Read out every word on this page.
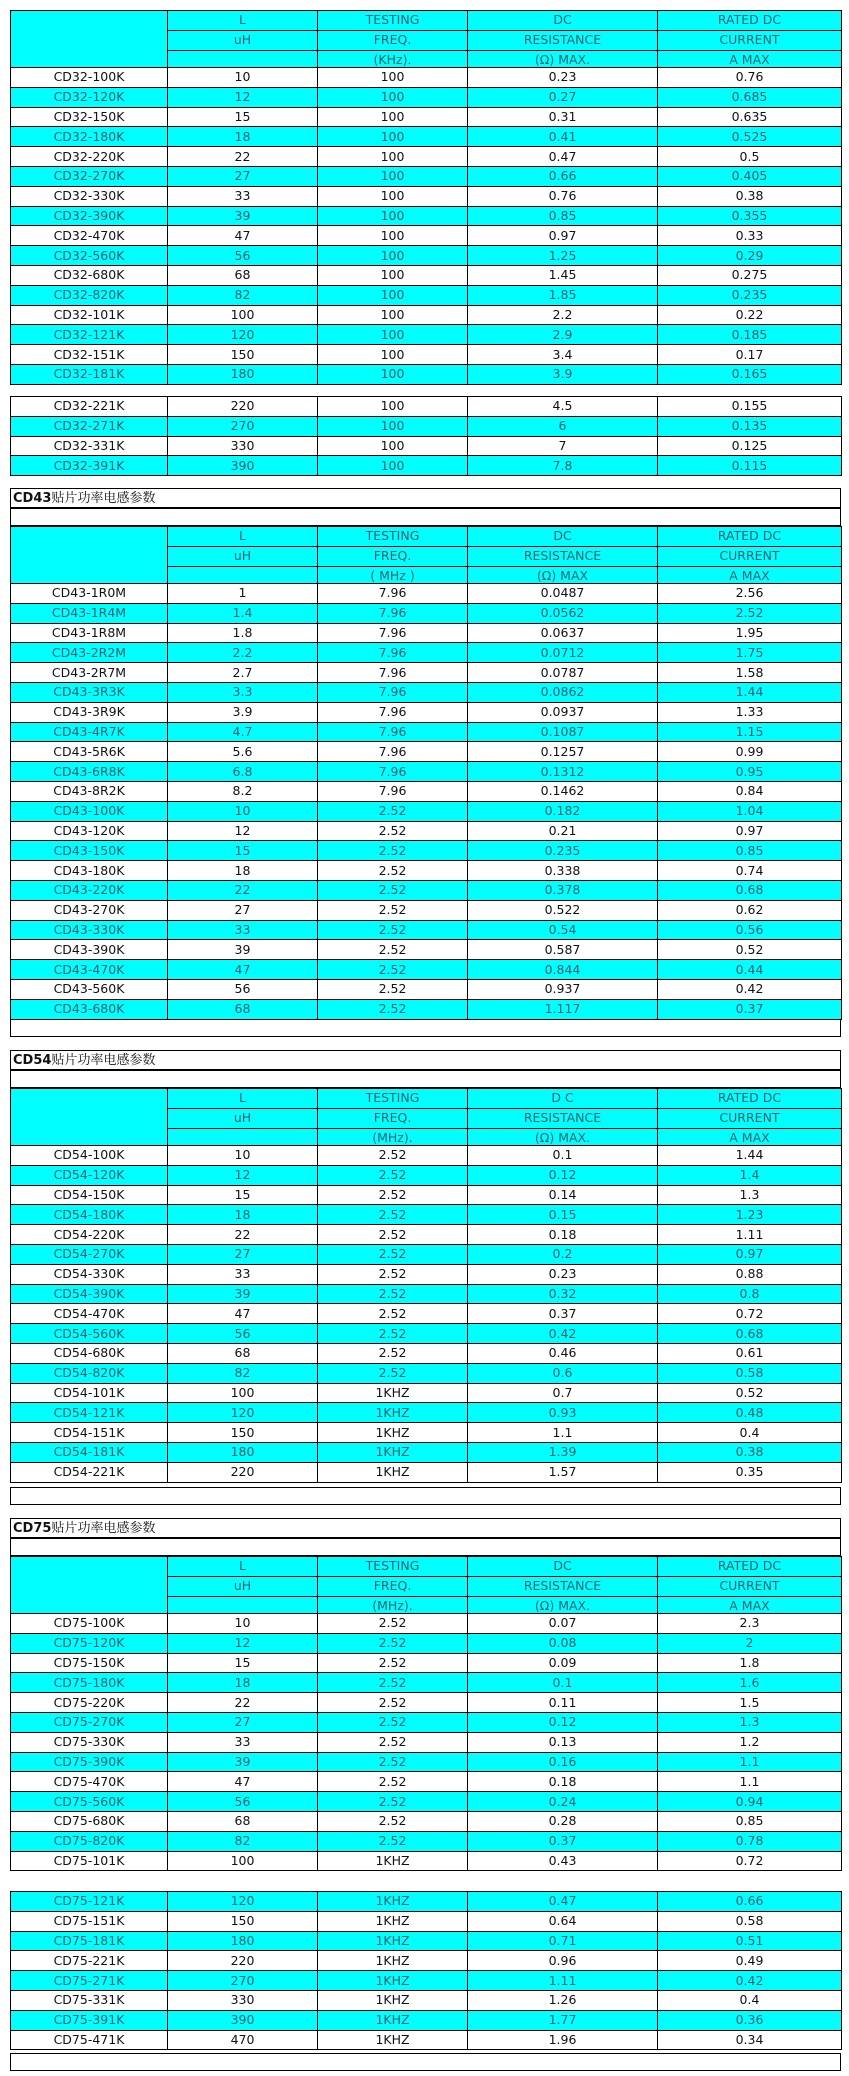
	L	TESTING	DC	RATED DC
	uH	FREQ.	RESISTANCE	CURRENT
		(KHz).	(Ω) MAX.	A MAX
CD32-100K	10	100	0.23	0.76
CD32-120K	12	100	0.27	0.685
CD32-150K	15	100	0.31	0.635
CD32-180K	18	100	0.41	0.525
CD32-220K	22	100	0.47	0.5
CD32-270K	27	100	0.66	0.405
CD32-330K	33	100	0.76	0.38
CD32-390K	39	100	0.85	0.355
CD32-470K	47	100	0.97	0.33
CD32-560K	56	100	1.25	0.29
CD32-680K	68	100	1.45	0.275
CD32-820K	82	100	1.85	0.235
CD32-101K	100	100	2.2	0.22
CD32-121K	120	100	2.9	0.185
CD32-151K	150	100	3.4	0.17
CD32-181K	180	100	3.9	0.165
CD32-221K	220	100	4.5	0.155
CD32-271K	270	100	6	0.135
CD32-331K	330	100	7	0.125
CD32-391K	390	100	7.8	0.115
CD43贴片功率电感参数
	L	TESTING	DC	RATED DC
	uH	FREQ.	RESISTANCE	CURRENT
		( MHz )	(Ω) MAX	A MAX
CD43-1R0M	1	7.96	0.0487	2.56
CD43-1R4M	1.4	7.96	0.0562	2.52
CD43-1R8M	1.8	7.96	0.0637	1.95
CD43-2R2M	2.2	7.96	0.0712	1.75
CD43-2R7M	2.7	7.96	0.0787	1.58
CD43-3R3K	3.3	7.96	0.0862	1.44
CD43-3R9K	3.9	7.96	0.0937	1.33
CD43-4R7K	4.7	7.96	0.1087	1.15
CD43-5R6K	5.6	7.96	0.1257	0.99
CD43-6R8K	6.8	7.96	0.1312	0.95
CD43-8R2K	8.2	7.96	0.1462	0.84
CD43-100K	10	2.52	0.182	1.04
CD43-120K	12	2.52	0.21	0.97
CD43-150K	15	2.52	0.235	0.85
CD43-180K	18	2.52	0.338	0.74
CD43-220K	22	2.52	0.378	0.68
CD43-270K	27	2.52	0.522	0.62
CD43-330K	33	2.52	0.54	0.56
CD43-390K	39	2.52	0.587	0.52
CD43-470K	47	2.52	0.844	0.44
CD43-560K	56	2.52	0.937	0.42
CD43-680K	68	2.52	1.117	0.37
CD54贴片功率电感参数
	L	TESTING	D C	RATED DC
	uH	FREQ.	RESISTANCE	CURRENT
		(MHz).	(Ω) MAX.	A MAX
CD54-100K	10	2.52	0.1	1.44
CD54-120K	12	2.52	0.12	1.4
CD54-150K	15	2.52	0.14	1.3
CD54-180K	18	2.52	0.15	1.23
CD54-220K	22	2.52	0.18	1.11
CD54-270K	27	2.52	0.2	0.97
CD54-330K	33	2.52	0.23	0.88
CD54-390K	39	2.52	0.32	0.8
CD54-470K	47	2.52	0.37	0.72
CD54-560K	56	2.52	0.42	0.68
CD54-680K	68	2.52	0.46	0.61
CD54-820K	82	2.52	0.6	0.58
CD54-101K	100	1KHZ	0.7	0.52
CD54-121K	120	1KHZ	0.93	0.48
CD54-151K	150	1KHZ	1.1	0.4
CD54-181K	180	1KHZ	1.39	0.38
CD54-221K	220	1KHZ	1.57	0.35
CD75贴片功率电感参数
	L	TESTING	DC	RATED DC
	uH	FREQ.	RESISTANCE	CURRENT
		(MHz).	(Ω) MAX.	A MAX
CD75-100K	10	2.52	0.07	2.3
CD75-120K	12	2.52	0.08	2
CD75-150K	15	2.52	0.09	1.8
CD75-180K	18	2.52	0.1	1.6
CD75-220K	22	2.52	0.11	1.5
CD75-270K	27	2.52	0.12	1.3
CD75-330K	33	2.52	0.13	1.2
CD75-390K	39	2.52	0.16	1.1
CD75-470K	47	2.52	0.18	1.1
CD75-560K	56	2.52	0.24	0.94
CD75-680K	68	2.52	0.28	0.85
CD75-820K	82	2.52	0.37	0.78
CD75-101K	100	1KHZ	0.43	0.72
CD75-121K	120	1KHZ	0.47	0.66
CD75-151K	150	1KHZ	0.64	0.58
CD75-181K	180	1KHZ	0.71	0.51
CD75-221K	220	1KHZ	0.96	0.49
CD75-271K	270	1KHZ	1.11	0.42
CD75-331K	330	1KHZ	1.26	0.4
CD75-391K	390	1KHZ	1.77	0.36
CD75-471K	470	1KHZ	1.96	0.34
